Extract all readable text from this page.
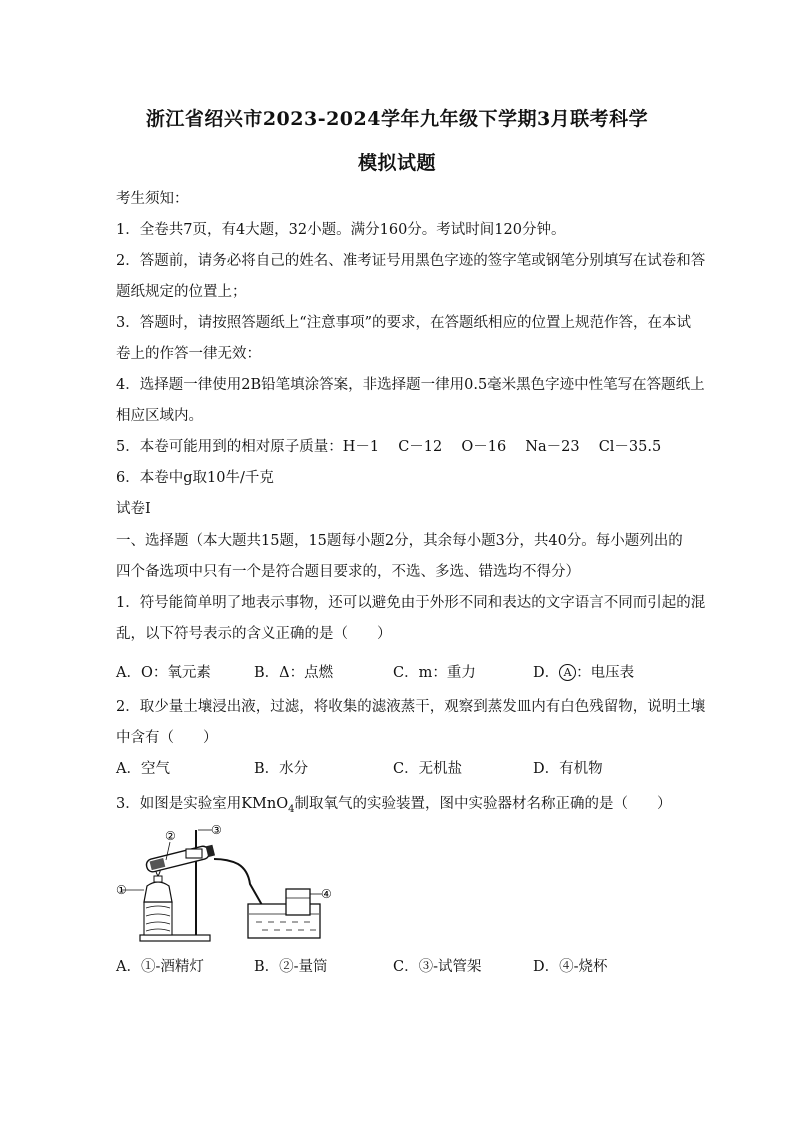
浙江省绍兴市2023-2024学年九年级下学期3月联考科学
模拟试题
考生须知：
1．全卷共7页，有4大题，32小题。满分160分。考试时间120分钟。
2．答题前，请务必将自己的姓名、准考证号用黑色字迹的签字笔或钢笔分别填写在试卷和答
题纸规定的位置上；
3．答题时，请按照答题纸上“注意事项”的要求，在答题纸相应的位置上规范作答，在本试
卷上的作答一律无效：
4．选择题一律使用2B铅笔填涂答案，非选择题一律用0.5毫米黑色字迹中性笔写在答题纸上
相应区域内。
5．本卷可能用到的相对原子质量：H－1　 C－12　 O－16　 Na－23　 Cl－35.5
6．本卷中g取10牛/千克
试卷Ⅰ
一、选择题（本大题共15题，15题每小题2分，其余每小题3分，共40分。每小题列出的
四个备选项中只有一个是符合题目要求的，不选、多选、错选均不得分）
1．符号能简单明了地表示事物，还可以避免由于外形不同和表达的文字语言不同而引起的混
乱，以下符号表示的含义正确的是（　　）
A．O：氧元素	B．Δ：点燃	C．m：重力	D． A ：电压表
2．取少量土壤浸出液，过滤，将收集的滤液蒸干，观察到蒸发皿内有白色残留物，说明土壤
中含有（　　）
A．空气	B．水分	C．无机盐	D．有机物
3．如图是实验室用KMnO$_4$制取氧气的实验装置，图中实验器材名称正确的是（　　）
①
②	③
④
A．①-酒精灯	B．②-量筒	C．③-试管架	D．④-烧杯
